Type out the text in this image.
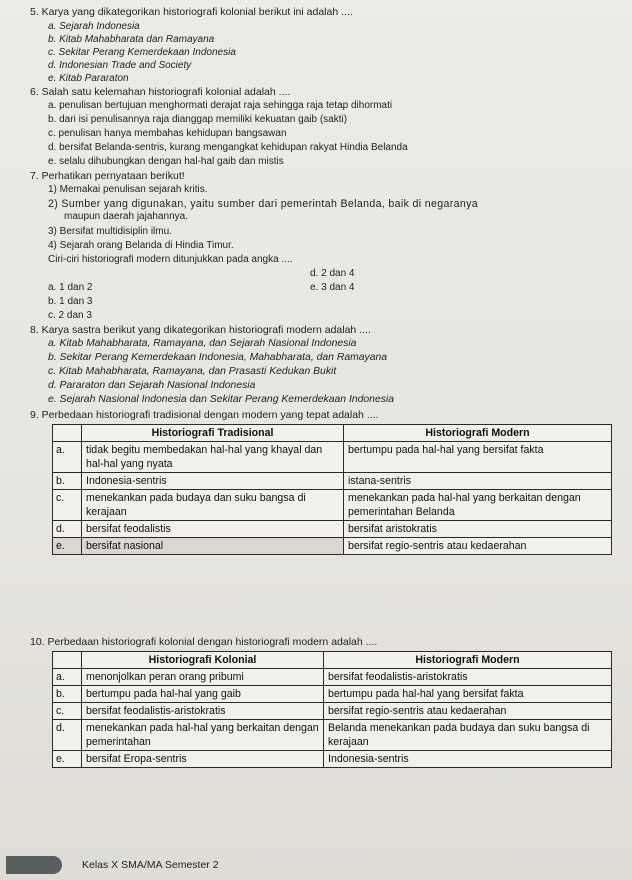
5. Karya yang dikategorikan historiografi kolonial berikut ini adalah ....
a. Sejarah Indonesia
b. Kitab Mahabharata dan Ramayana
c. Sekitar Perang Kemerdekaan Indonesia
d. Indonesian Trade and Society
e. Kitab Pararaton
6. Salah satu kelemahan historiografi kolonial adalah ....
a. penulisan bertujuan menghormati derajat raja sehingga raja tetap dihormati
b. dari isi penulisannya raja dianggap memiliki kekuatan gaib (sakti)
c. penulisan hanya membahas kehidupan bangsawan
d. bersifat Belanda-sentris, kurang mengangkat kehidupan rakyat Hindia Belanda
e. selalu dihubungkan dengan hal-hal gaib dan mistis
7. Perhatikan pernyataan berikut!
1) Memakai penulisan sejarah kritis.
2) Sumber yang digunakan, yaitu sumber dari pemerintah Belanda, baik di negaranya
maupun daerah jajahannya.
3) Bersifat multidisiplin ilmu.
4) Sejarah orang Belanda di Hindia Timur.
Ciri-ciri historiografi modern ditunjukkan pada angka ....
a. 1 dan 2
b. 1 dan 3
c. 2 dan 3
d. 2 dan 4
e. 3 dan 4
8. Karya sastra berikut yang dikategorikan historiografi modern adalah ....
a. Kitab Mahabharata, Ramayana, dan Sejarah Nasional Indonesia
b. Sekitar Perang Kemerdekaan Indonesia, Mahabharata, dan Ramayana
c. Kitab Mahabharata, Ramayana, dan Prasasti Kedukan Bukit
d. Pararaton dan Sejarah Nasional Indonesia
e. Sejarah Nasional Indonesia dan Sekitar Perang Kemerdekaan Indonesia
9. Perbedaan historiografi tradisional dengan modern yang tepat adalah ....
	Historiografi Tradisional	Historiografi Modern
a.	tidak begitu membedakan hal-hal yang khayal dan hal-hal yang nyata	bertumpu pada hal-hal yang bersifat fakta
b.	Indonesia-sentris	istana-sentris
c.	menekankan pada budaya dan suku bangsa di kerajaan	menekankan pada hal-hal yang berkaitan dengan pemerintahan Belanda
d.	bersifat feodalistis	bersifat aristokratis
e.	bersifat nasional	bersifat regio-sentris atau kedaerahan
10. Perbedaan historiografi kolonial dengan historiografi modern adalah ....
	Historiografi Kolonial	Historiografi Modern
a.	menonjolkan peran orang pribumi	bersifat feodalistis-aristokratis
b.	bertumpu pada hal-hal yang gaib	bertumpu pada hal-hal yang bersifat fakta
c.	bersifat feodalistis-aristokratis	bersifat regio-sentris atau kedaerahan
d.	menekankan pada hal-hal yang berkaitan dengan pemerintahan	Belanda menekankan pada budaya dan suku bangsa di kerajaan
e.	bersifat Eropa-sentris	Indonesia-sentris
Kelas X SMA/MA Semester 2
